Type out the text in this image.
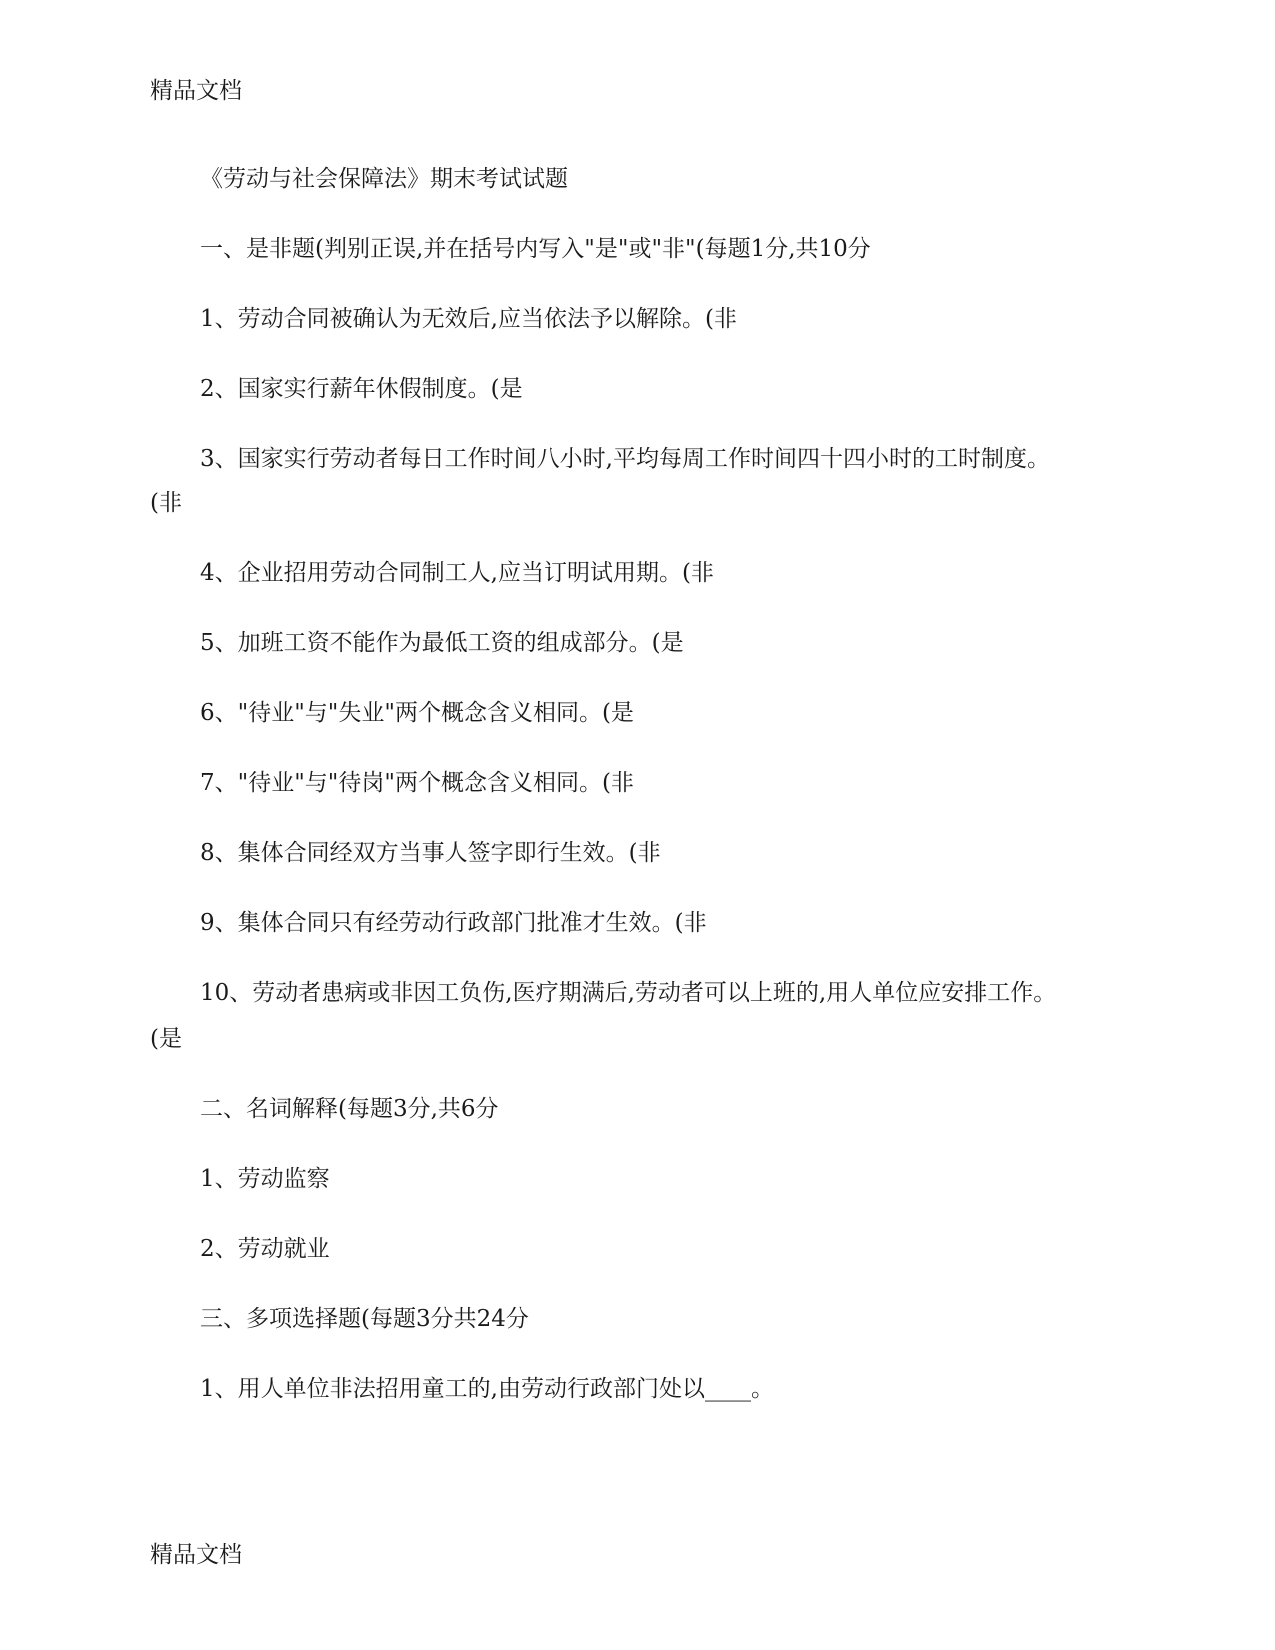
精品文档
《劳动与社会保障法》期末考试试题
一、是非题(判别正误,并在括号内写入"是"或"非"(每题1分,共10分
1、劳动合同被确认为无效后,应当依法予以解除。(非
2、国家实行薪年休假制度。(是
3、国家实行劳动者每日工作时间八小时,平均每周工作时间四十四小时的工时制度。
(非
4、企业招用劳动合同制工人,应当订明试用期。(非
5、加班工资不能作为最低工资的组成部分。(是
6、"待业"与"失业"两个概念含义相同。(是
7、"待业"与"待岗"两个概念含义相同。(非
8、集体合同经双方当事人签字即行生效。(非
9、集体合同只有经劳动行政部门批准才生效。(非
10、劳动者患病或非因工负伤,医疗期满后,劳动者可以上班的,用人单位应安排工作。
(是
二、名词解释(每题3分,共6分
1、劳动监察
2、劳动就业
三、多项选择题(每题3分共24分
1、用人单位非法招用童工的,由劳动行政部门处以____。
精品文档
